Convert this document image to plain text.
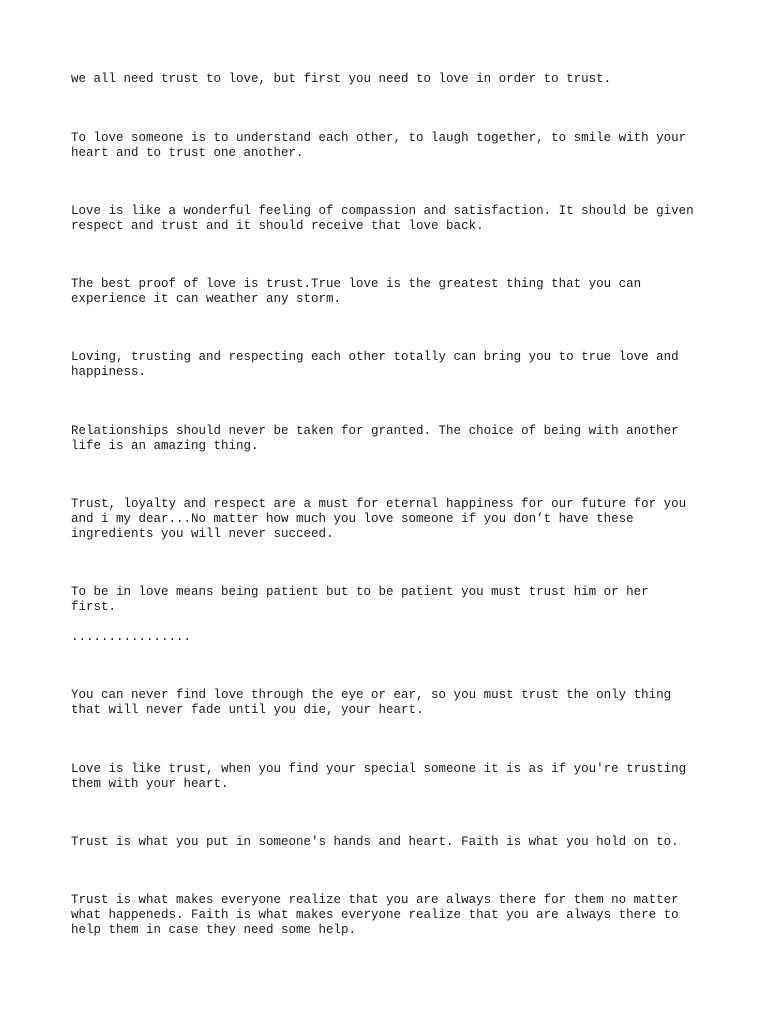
we all need trust to love, but first you need to love in order to trust.

To love someone is to understand each other, to laugh together, to smile with your
heart and to trust one another.

Love is like a wonderful feeling of compassion and satisfaction. It should be given
respect and trust and it should receive that love back.

The best proof of love is trust.True love is the greatest thing that you can
experience it can weather any storm.

Loving, trusting and respecting each other totally can bring you to true love and
happiness.

Relationships should never be taken for granted. The choice of being with another
life is an amazing thing.

Trust, loyalty and respect are a must for eternal happiness for our future for you
and i my dear...No matter how much you love someone if you don’t have these
ingredients you will never succeed.

To be in love means being patient but to be patient you must trust him or her
first.

................

You can never find love through the eye or ear, so you must trust the only thing
that will never fade until you die, your heart.

Love is like trust, when you find your special someone it is as if you're trusting
them with your heart.

Trust is what you put in someone's hands and heart. Faith is what you hold on to.

Trust is what makes everyone realize that you are always there for them no matter
what happeneds. Faith is what makes everyone realize that you are always there to
help them in case they need some help.
